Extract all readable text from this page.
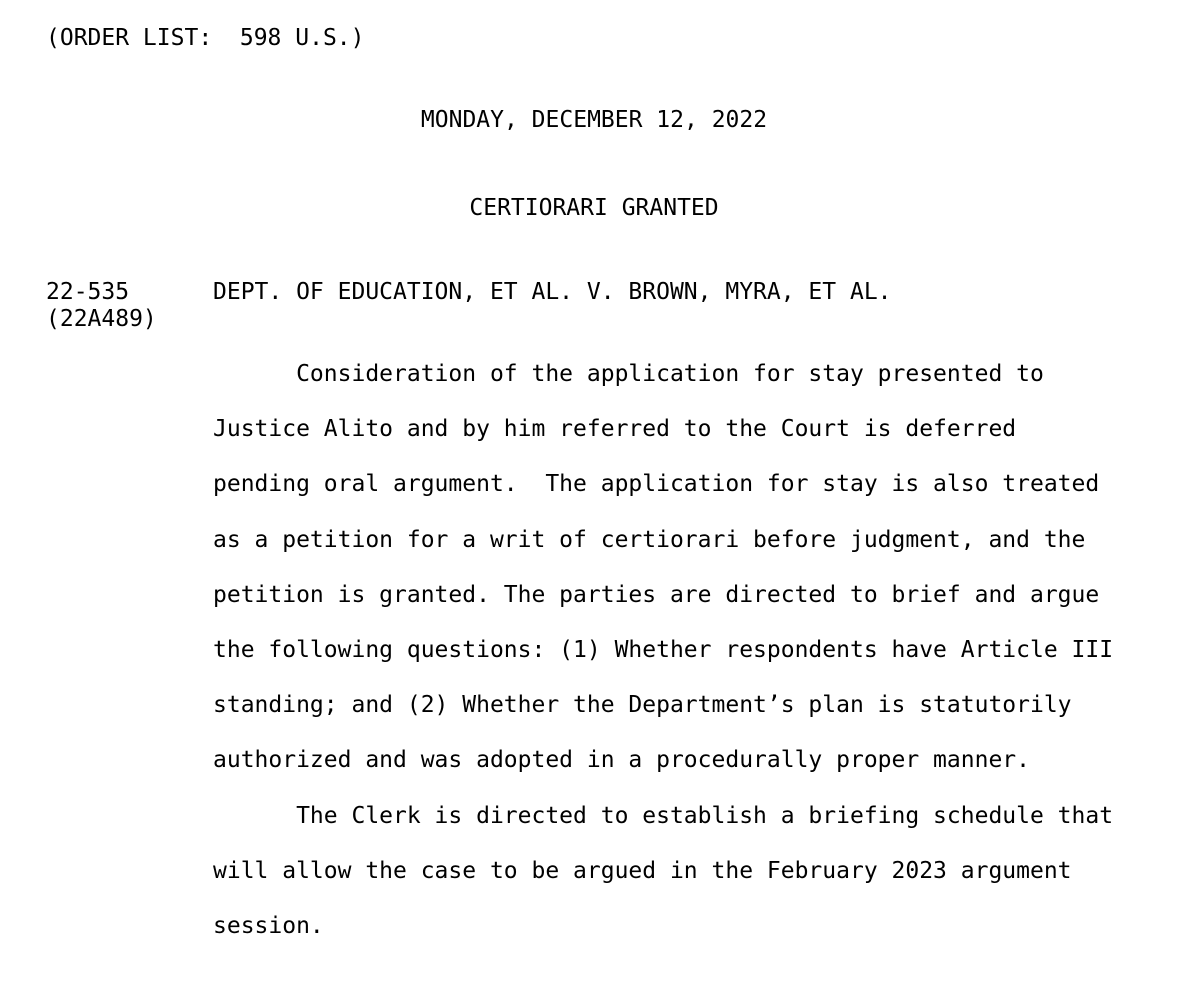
(ORDER LIST:  598 U.S.)

MONDAY, DECEMBER 12, 2022

CERTIORARI GRANTED

22-535

(22A489)

DEPT. OF EDUCATION, ET AL. V. BROWN, MYRA, ET AL.

Consideration of the application for stay presented to

Justice Alito and by him referred to the Court is deferred

pending oral argument.  The application for stay is also treated

as a petition for a writ of certiorari before judgment, and the

petition is granted. The parties are directed to brief and argue

the following questions: (1) Whether respondents have Article III

standing; and (2) Whether the Department’s plan is statutorily

authorized and was adopted in a procedurally proper manner.

The Clerk is directed to establish a briefing schedule that

will allow the case to be argued in the February 2023 argument

session.
